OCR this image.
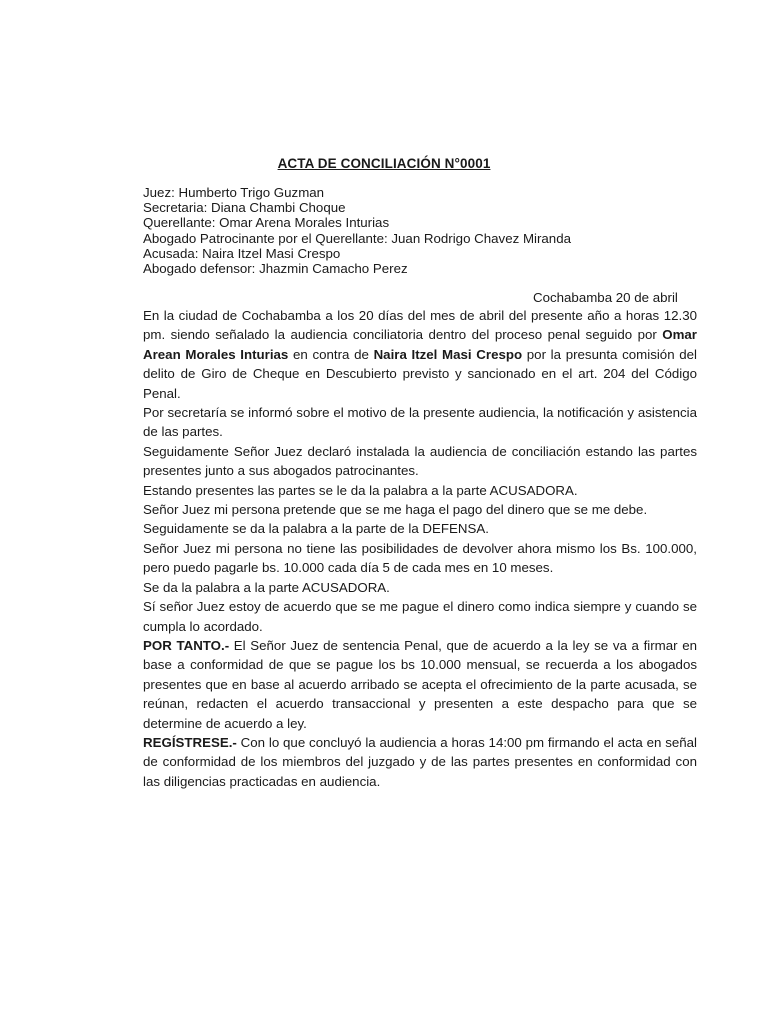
ACTA DE CONCILIACIÓN N°0001
Juez: Humberto Trigo Guzman
Secretaria: Diana Chambi Choque
Querellante: Omar Arena Morales Inturias
Abogado Patrocinante por el Querellante: Juan Rodrigo Chavez Miranda
Acusada: Naira Itzel Masi Crespo
Abogado defensor: Jhazmin Camacho Perez
Cochabamba 20 de abril

En la ciudad de Cochabamba a los 20 días del mes de abril del presente año a horas 12.30 pm. siendo señalado la audiencia conciliatoria dentro del proceso penal seguido por Omar Arean Morales Inturias en contra de Naira Itzel Masi Crespo por la presunta comisión del delito de Giro de Cheque en Descubierto previsto y sancionado en el art. 204 del Código Penal.

Por secretaría se informó sobre el motivo de la presente audiencia, la notificación y asistencia de las partes.

Seguidamente Señor Juez declaró instalada la audiencia de conciliación estando las partes presentes junto a sus abogados patrocinantes.

Estando presentes las partes se le da la palabra a la parte ACUSADORA.

Señor Juez mi persona pretende que se me haga el pago del dinero que se me debe.

Seguidamente se da la palabra a la parte de la DEFENSA.

Señor Juez mi persona no tiene las posibilidades de devolver ahora mismo los Bs. 100.000, pero puedo pagarle bs. 10.000 cada día 5 de cada mes en 10 meses.

Se da la palabra a la parte ACUSADORA.

Sí señor Juez estoy de acuerdo que se me pague el dinero como indica siempre y cuando se cumpla lo acordado.

POR TANTO.- El Señor Juez de sentencia Penal, que de acuerdo a la ley se va a firmar en base a conformidad de que se pague los bs 10.000 mensual, se recuerda a los abogados presentes que en base al acuerdo arribado se acepta el ofrecimiento de la parte acusada, se reúnan, redacten el acuerdo transaccional y presenten a este despacho para que se determine de acuerdo a ley.

REGÍSTRESE.- Con lo que concluyó la audiencia a horas 14:00 pm firmando el acta en señal de conformidad de los miembros del juzgado y de las partes presentes en conformidad con las diligencias practicadas en audiencia.
